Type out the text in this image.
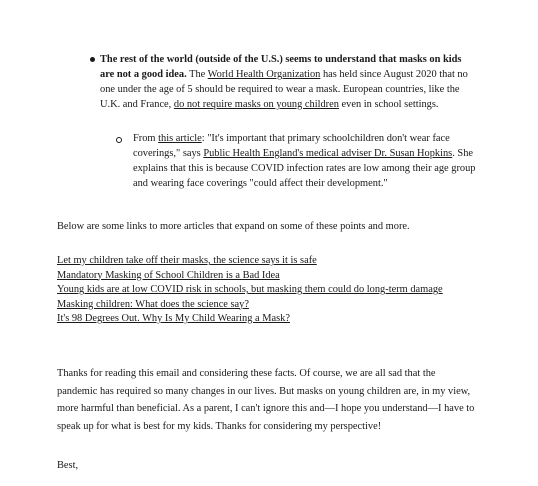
The rest of the world (outside of the U.S.) seems to understand that masks on kids are not a good idea. The World Health Organization has held since August 2020 that no one under the age of 5 should be required to wear a mask. European countries, like the U.K. and France, do not require masks on young children even in school settings.
From this article: "It's important that primary schoolchildren don't wear face coverings," says Public Health England's medical adviser Dr. Susan Hopkins. She explains that this is because COVID infection rates are low among their age group and wearing face coverings "could affect their development."
Below are some links to more articles that expand on some of these points and more.
Let my children take off their masks, the science says it is safe
Mandatory Masking of School Children is a Bad Idea
Young kids are at low COVID risk in schools, but masking them could do long-term damage
Masking children: What does the science say?
It's 98 Degrees Out. Why Is My Child Wearing a Mask?
Thanks for reading this email and considering these facts. Of course, we are all sad that the pandemic has required so many changes in our lives. But masks on young children are, in my view, more harmful than beneficial. As a parent, I can't ignore this and—I hope you understand—I have to speak up for what is best for my kids. Thanks for considering my perspective!
Best,
